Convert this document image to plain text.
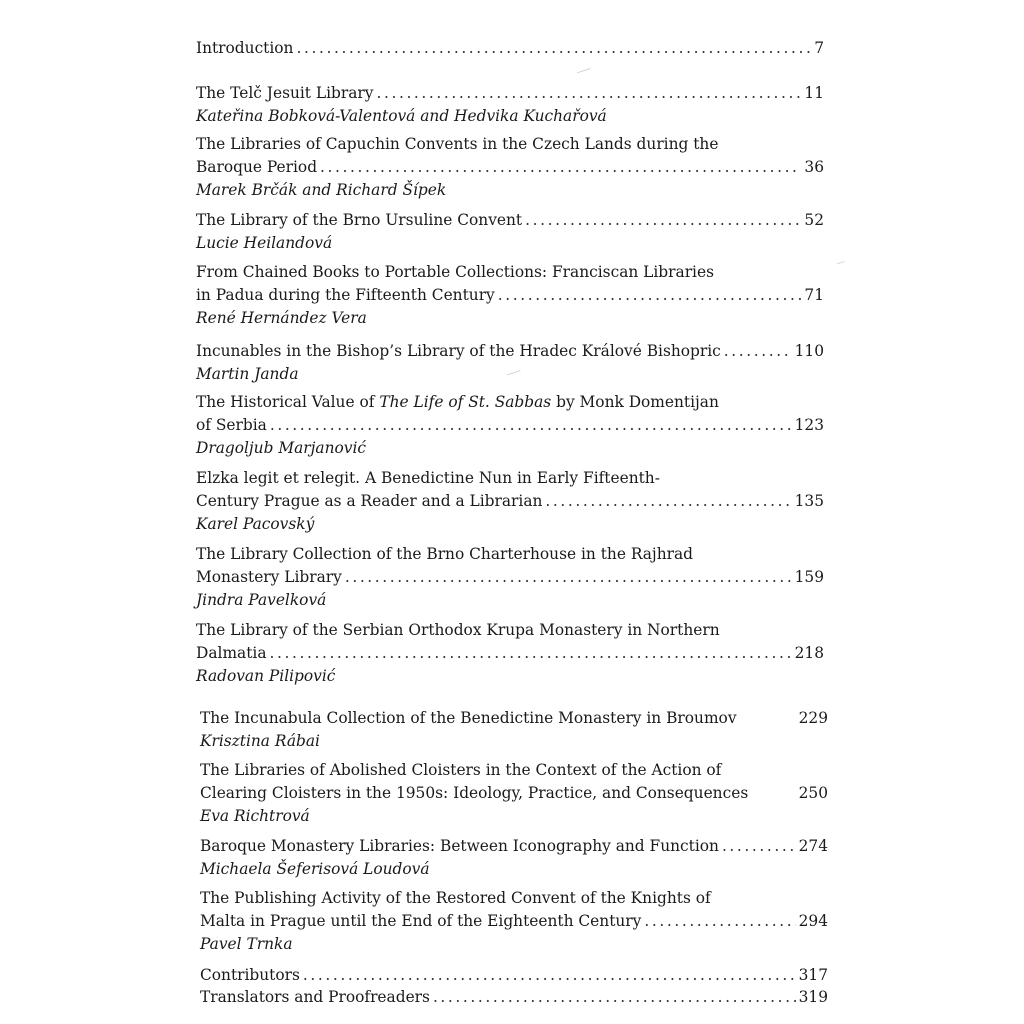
Introduction .....	7
The Telč Jesuit Library .....	11
Kateřina Bobková-Valentová and Hedvika Kuchařová
The Libraries of Capuchin Convents in the Czech Lands during the
Baroque Period .....	36
Marek Brčák and Richard Šípek
The Library of the Brno Ursuline Convent .....	52
Lucie Heilandová
From Chained Books to Portable Collections: Franciscan Libraries
in Padua during the Fifteenth Century .....	71
René Hernández Vera
Incunables in the Bishop’s Library of the Hradec Králové Bishopric .....	110
Martin Janda
The Historical Value of The Life of St. Sabbas by Monk Domentijan
of Serbia .....	123
Dragoljub Marjanović
Elzka legit et relegit. A Benedictine Nun in Early Fifteenth-
Century Prague as a Reader and a Librarian .....	135
Karel Pacovský
The Library Collection of the Brno Charterhouse in the Rajhrad
Monastery Library .....	159
Jindra Pavelková
The Library of the Serbian Orthodox Krupa Monastery in Northern
Dalmatia .....	218
Radovan Pilipović
The Incunabula Collection of the Benedictine Monastery in Broumov	229
Krisztina Rábai
The Libraries of Abolished Cloisters in the Context of the Action of
Clearing Cloisters in the 1950s: Ideology, Practice, and Consequences	250
Eva Richtrová
Baroque Monastery Libraries: Between Iconography and Function .....	274
Michaela Šeferisová Loudová
The Publishing Activity of the Restored Convent of the Knights of
Malta in Prague until the End of the Eighteenth Century .....	294
Pavel Trnka
Contributors .....	317
Translators and Proofreaders .....	319
